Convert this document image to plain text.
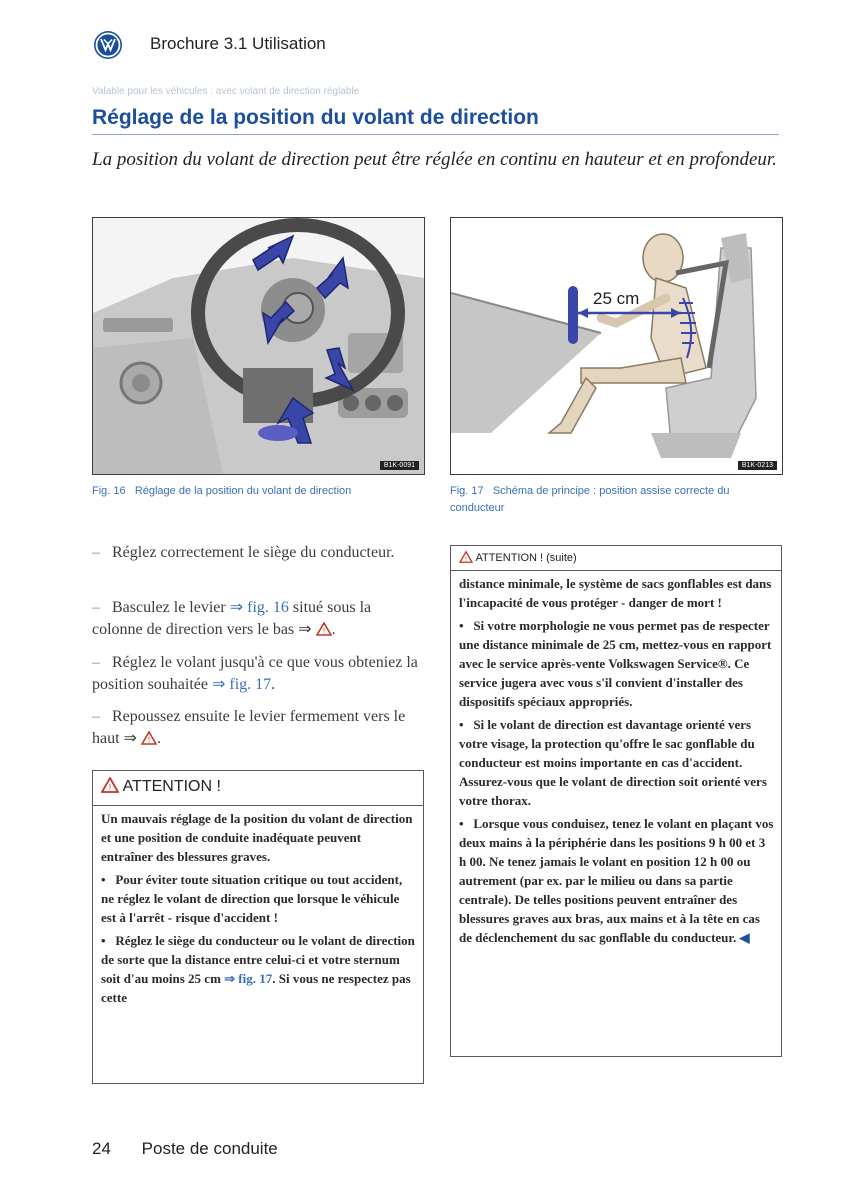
Brochure 3.1 Utilisation
Valable pour les véhicules : avec volant de direction réglable
Réglage de la position du volant de direction
La position du volant de direction peut être réglée en continu en hauteur et en profondeur.
B1K-0091
25 cm
B1K-0213
Fig. 16 Réglage de la position du volant de direction	Fig. 17 Schéma de principe : position assise correcte du conducteur
–   Réglez correctement le siège du conducteur.
–   Basculez le levier ⇒ fig. 16 situé sous la colonne de direction vers le bas ⇒ ! .
–   Réglez le volant jusqu'à ce que vous obteniez la position souhaitée ⇒ fig. 17.
–   Repoussez ensuite le levier fermement vers le haut ⇒ ! .
! ATTENTION !
Un mauvais réglage de la position du volant de direction et une position de conduite inadéquate peuvent entraîner des blessures graves.
•   Pour éviter toute situation critique ou tout accident, ne réglez le volant de direction que lorsque le véhicule est à l'arrêt - risque d'accident !
•   Réglez le siège du conducteur ou le volant de direction de sorte que la distance entre celui-ci et votre sternum soit d'au moins 25 cm ⇒ fig. 17. Si vous ne respectez pas cette
! ATTENTION ! (suite)
distance minimale, le système de sacs gonflables est dans l'incapacité de vous protéger - danger de mort !
•   Si votre morphologie ne vous permet pas de respecter une distance minimale de 25 cm, mettez-vous en rapport avec le service après-vente Volkswagen Service®. Ce service jugera avec vous s'il convient d'installer des dispositifs spéciaux appropriés.
•   Si le volant de direction est davantage orienté vers votre visage, la protection qu'offre le sac gonflable du conducteur est moins importante en cas d'accident. Assurez-vous que le volant de direction soit orienté vers votre thorax.
•   Lorsque vous conduisez, tenez le volant en plaçant vos deux mains à la périphérie dans les positions 9 h 00 et 3 h 00. Ne tenez jamais le volant en position 12 h 00 ou autrement (par ex. par le milieu ou dans sa partie centrale). De telles positions peuvent entraîner des blessures graves aux bras, aux mains et à la tête en cas de déclenchement du sac gonflable du conducteur. ◀
24 Poste de conduite
